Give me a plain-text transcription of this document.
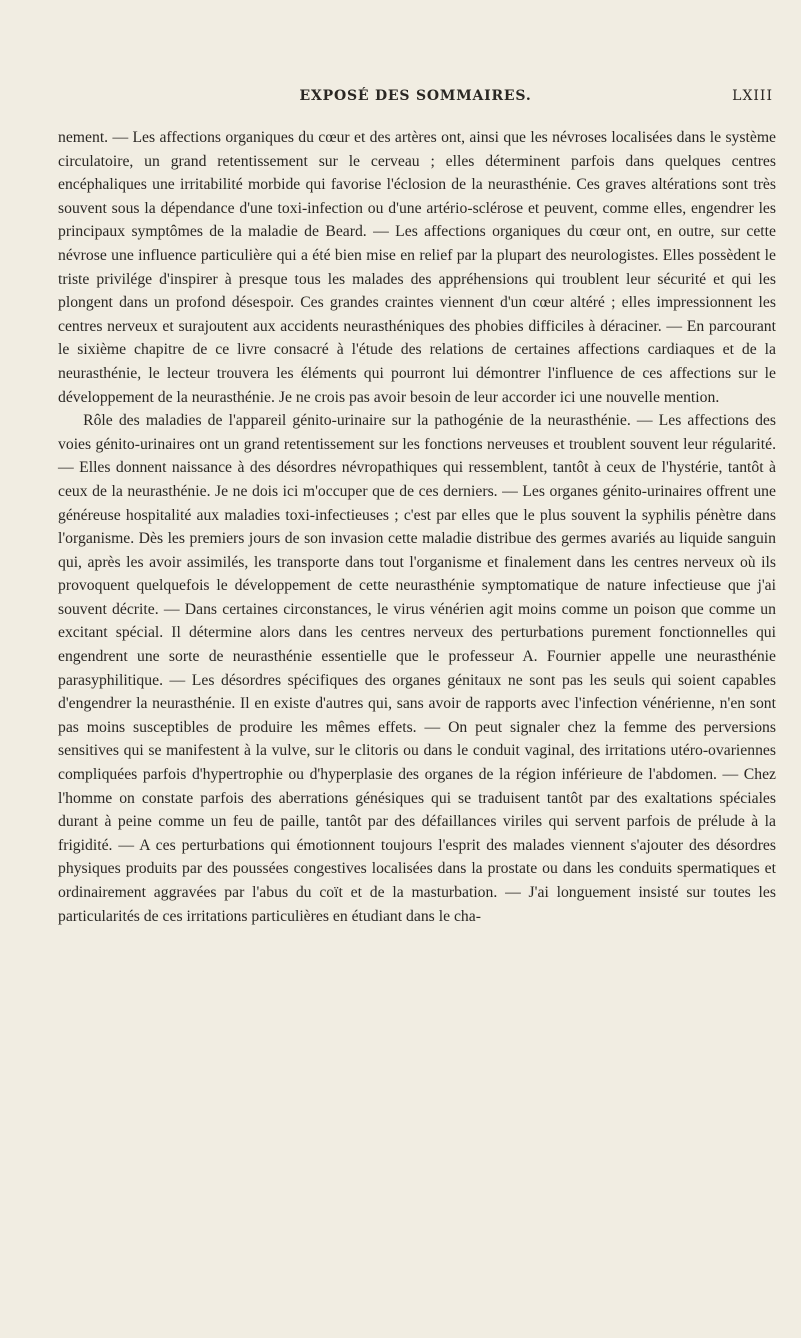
EXPOSÉ DES SOMMAIRES.	LXIII

nement. — Les affections organiques du cœur et des artères ont, ainsi que les névroses localisées dans le système circulatoire, un grand retentissement sur le cerveau ; elles déterminent parfois dans quelques centres encéphaliques une irritabilité morbide qui favorise l'éclosion de la neurasthénie. Ces graves altérations sont très souvent sous la dépendance d'une toxi-infection ou d'une artério-sclérose et peuvent, comme elles, engendrer les principaux symptômes de la maladie de Beard. — Les affections organiques du cœur ont, en outre, sur cette névrose une influence particulière qui a été bien mise en relief par la plupart des neurologistes. Elles possèdent le triste privilége d'inspirer à presque tous les malades des appréhensions qui troublent leur sécurité et qui les plongent dans un profond désespoir. Ces grandes craintes viennent d'un cœur altéré ; elles impressionnent les centres nerveux et surajoutent aux accidents neurasthéniques des phobies difficiles à déraciner. — En parcourant le sixième chapitre de ce livre consacré à l'étude des relations de certaines affections cardiaques et de la neurasthénie, le lecteur trouvera les éléments qui pourront lui démontrer l'influence de ces affections sur le développement de la neurasthénie. Je ne crois pas avoir besoin de leur accorder ici une nouvelle mention.

Rôle des maladies de l'appareil génito-urinaire sur la pathogénie de la neurasthénie. — Les affections des voies génito-urinaires ont un grand retentissement sur les fonctions nerveuses et troublent souvent leur régularité. — Elles donnent naissance à des désordres névropathiques qui ressemblent, tantôt à ceux de l'hystérie, tantôt à ceux de la neurasthénie. Je ne dois ici m'occuper que de ces derniers. — Les organes génito-urinaires offrent une généreuse hospitalité aux maladies toxi-infectieuses ; c'est par elles que le plus souvent la syphilis pénètre dans l'organisme. Dès les premiers jours de son invasion cette maladie distribue des germes avariés au liquide sanguin qui, après les avoir assimilés, les transporte dans tout l'organisme et finalement dans les centres nerveux où ils provoquent quelquefois le développement de cette neurasthénie symptomatique de nature infectieuse que j'ai souvent décrite. — Dans certaines circonstances, le virus vénérien agit moins comme un poison que comme un excitant spécial. Il détermine alors dans les centres nerveux des perturbations purement fonctionnelles qui engendrent une sorte de neurasthénie essentielle que le professeur A. Fournier appelle une neurasthénie parasyphilitique. — Les désordres spécifiques des organes génitaux ne sont pas les seuls qui soient capables d'engendrer la neurasthénie. Il en existe d'autres qui, sans avoir de rapports avec l'infection vénérienne, n'en sont pas moins susceptibles de produire les mêmes effets. — On peut signaler chez la femme des perversions sensitives qui se manifestent à la vulve, sur le clitoris ou dans le conduit vaginal, des irritations utéro-ovariennes compliquées parfois d'hypertrophie ou d'hyperplasie des organes de la région inférieure de l'abdomen. — Chez l'homme on constate parfois des aberrations génésiques qui se traduisent tantôt par des exaltations spéciales durant à peine comme un feu de paille, tantôt par des défaillances viriles qui servent parfois de prélude à la frigidité. — A ces perturbations qui émotionnent toujours l'esprit des malades viennent s'ajouter des désordres physiques produits par des poussées congestives localisées dans la prostate ou dans les conduits spermatiques et ordinairement aggravées par l'abus du coït et de la masturbation. — J'ai longuement insisté sur toutes les particularités de ces irritations particulières en étudiant dans le cha-
